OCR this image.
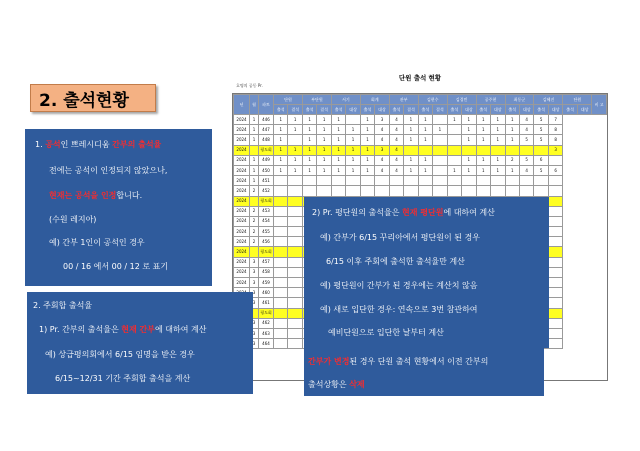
2. 출석현황
호명의 공동 Pr.
단원 출석 현황
년	월	파트	단원		부단원		서기		회계		관부		김현수		김경민		공주현		최동군		김혜진		단원		비 고
			출석	결석	출석	결석	출석	대상	출석	대상	출석	결석	출석	결석	출석	대상	출석	대상	출석	대상	출석	대상	출석	대상	
2024	1	446	1	1	1	1	1		1	3	4	1	1		1	1	1	1	1	4	5	7			
2024	1	447	1	1	1	1	1	1	1	4	4	1	1	1		1	1	1	1	4	5	8			
2024	1	448	1		1	1	1	1	1	4	4	1	1			1	1	1	1	5	5	8			
2024		평도회	1	1	1	1	1	1	1	3	4											3			
2024	1	449	1	1	1	1	1	1	1	4	4	1	1			1	1	1	2	5	6				
2024	1	450	1	1	1	1	1	1	1	4	4	1	1		1	1	1	1	1	4	5	6			
2024	1	451																							
2024	2	452																							
2024		평도회																							
2024	2	453																							
2024	2	454																							
2024	2	455																							
2024	2	456																							
2024		평도회																							
2024	3	457																							
2024	3	458																							
2024	3	459																							
	3	460																							
	3	461																							
		평도회																							
	3	462																							
	3	463																							
	3	464																							
1. 공석인 쁘레시디움 간부의 출석율
전에는 공석이 인정되지 않았으나,
현재는 공석을 인정합니다.
(수원 레지아)
예) 간부 1인이 공석인 경우
00 / 16 에서 00 / 12 로 표기
2. 주회합 출석율
1) Pr. 간부의 출석율은 현재 간부에 대하여 계산
예) 상급평의회에서 6/15 임명을 받은 경우
6/15~12/31 기간 주회합 출석을 계산
2) Pr. 평단원의 출석율은 현재 평단원에 대하여 계산
예) 간부가 6/15 꾸리아에서 평단원이 된 경우
6/15 이후 주회에 출석한 출석율만 계산
예) 평단원이 간부가 된 경우에는 계산치 않음
예) 새로 입단한 경우: 연속으로 3번 참관하여
예비단원으로 입단한 날부터 계산
간부가 변경된 경우 단원 출석 현황에서 이전 간부의
출석상황은 삭제
